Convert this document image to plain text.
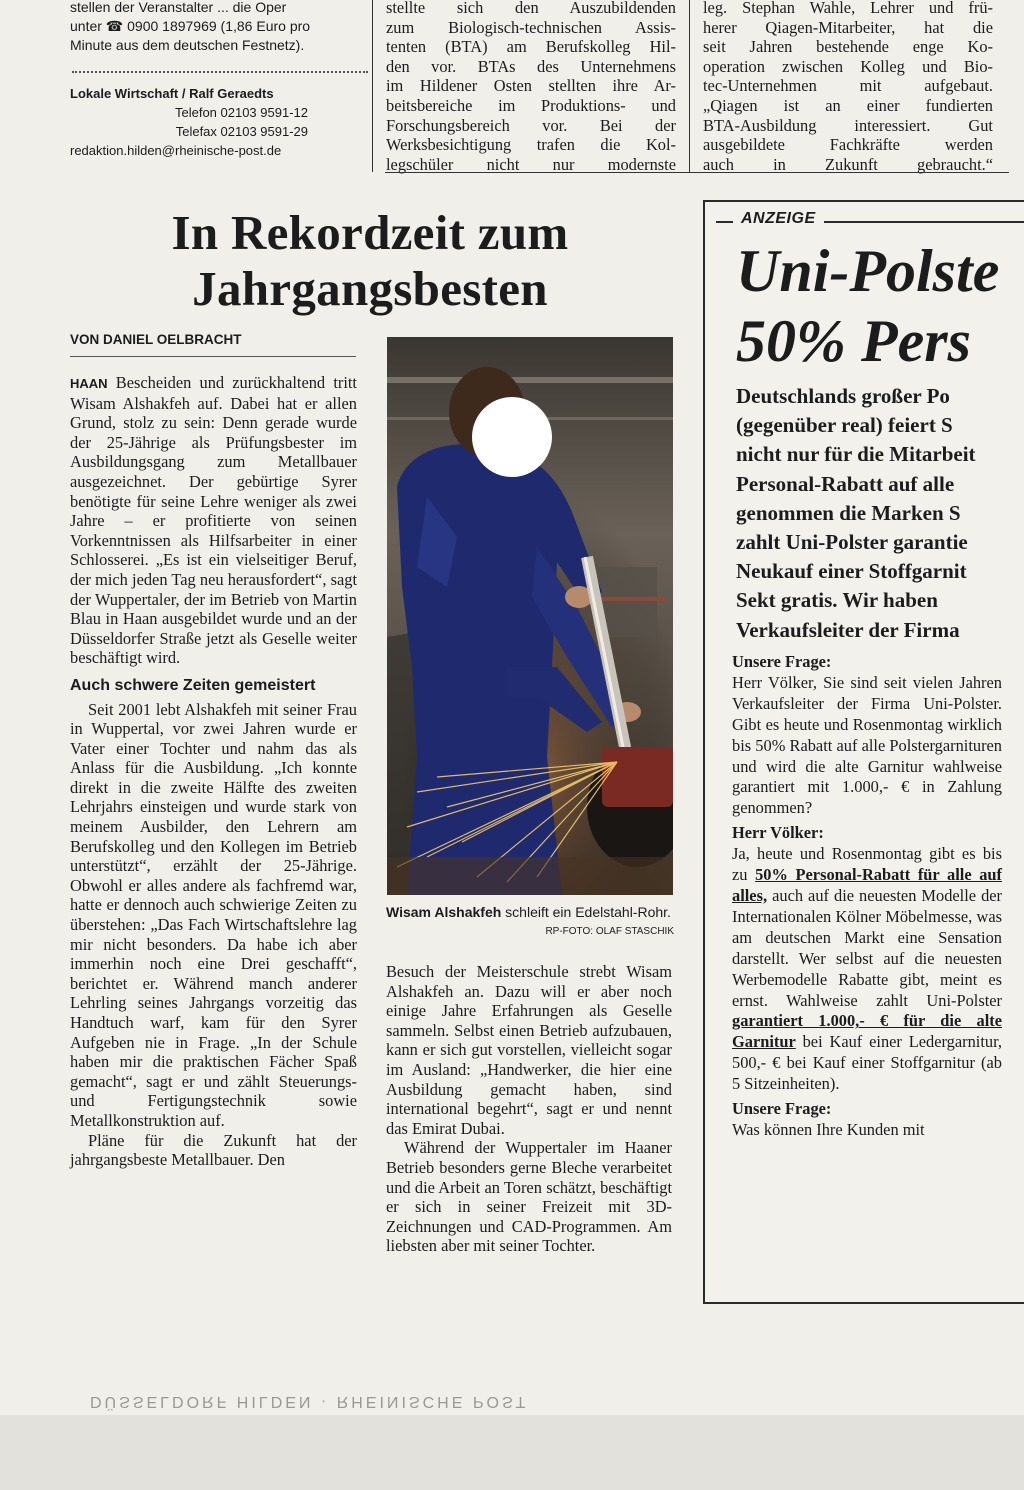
DÜSSELDORF HILDEN · RHEINISCHE POST

stellen der Veranstalter ... die Oper

unter ☎ 0900 1897969 (1,86 Euro pro

Minute aus dem deutschen Festnetz).

Lokale Wirtschaft / Ralf Geraedts
Telefon 02103 9591-12
Telefax 02103 9591-29
redaktion.hilden@rheinische-post.de
stellte sich den Auszubildenden
zum Biologisch-technischen Assis-
tenten (BTA) am Berufskolleg Hil-
den vor. BTAs des Unternehmens
im Hildener Osten stellten ihre Ar-
beitsbereiche im Produktions- und
Forschungsbereich vor. Bei der
Werksbesichtigung trafen die Kol-
legschüler nicht nur modernste
leg. Stephan Wahle, Lehrer und frü-
herer Qiagen-Mitarbeiter, hat die
seit Jahren bestehende enge Ko-
operation zwischen Kolleg und Bio-
tec-Unternehmen mit aufgebaut.
„Qiagen ist an einer fundierten
BTA-Ausbildung interessiert. Gut
ausgebildete Fachkräfte werden
auch in Zukunft gebraucht.“
In Rekordzeit zum
Jahrgangsbesten
VON DANIEL OELBRACHT

HAAN Bescheiden und zurückhaltend tritt Wisam Alshakfeh auf. Dabei hat er allen Grund, stolz zu sein: Denn gerade wurde der 25-Jährige als Prüfungsbester im Ausbildungsgang zum Metallbauer ausgezeichnet. Der gebürtige Syrer benötigte für seine Lehre weniger als zwei Jahre – er profitierte von seinen Vorkenntnissen als Hilfsarbeiter in einer Schlosserei. „Es ist ein vielseitiger Beruf, der mich jeden Tag neu herausfordert“, sagt der Wuppertaler, der im Betrieb von Martin Blau in Haan ausgebildet wurde und an der Düsseldorfer Straße jetzt als Geselle weiter beschäftigt wird.

Auch schwere Zeiten gemeistert

Seit 2001 lebt Alshakfeh mit seiner Frau in Wuppertal, vor zwei Jahren wurde er Vater einer Tochter und nahm das als Anlass für die Ausbildung. „Ich konnte direkt in die zweite Hälfte des zweiten Lehrjahrs einsteigen und wurde stark von meinem Ausbilder, den Lehrern am Berufskolleg und den Kollegen im Betrieb unterstützt“, erzählt der 25-Jährige. Obwohl er alles andere als fachfremd war, hatte er dennoch auch schwierige Zeiten zu überstehen: „Das Fach Wirtschaftslehre lag mir nicht besonders. Da habe ich aber immerhin noch eine Drei geschafft“, berichtet er. Während manch anderer Lehrling seines Jahrgangs vorzeitig das Handtuch warf, kam für den Syrer Aufgeben nie in Frage. „In der Schule haben mir die praktischen Fächer Spaß gemacht“, sagt er und zählt Steuerungs- und Fertigungstechnik sowie Metallkonstruktion auf.

Pläne für die Zukunft hat der jahrgangsbeste Metallbauer. Den

Wisam Alshakfeh schleift ein Edelstahl-Rohr.
RP-FOTO: OLAF STASCHIK

Besuch der Meisterschule strebt Wisam Alshakfeh an. Dazu will er aber noch einige Jahre Erfahrungen als Geselle sammeln. Selbst einen Betrieb aufzubauen, kann er sich gut vorstellen, vielleicht sogar im Ausland: „Handwerker, die hier eine Ausbildung gemacht haben, sind international begehrt“, sagt er und nennt das Emirat Dubai.

Während der Wuppertaler im Haaner Betrieb besonders gerne Bleche verarbeitet und die Arbeit an Toren schätzt, beschäftigt er sich in seiner Freizeit mit 3D-Zeichnungen und CAD-Programmen. Am liebsten aber mit seiner Tochter.

ANZEIGE
Uni-Polste
50% Pers
Deutschlands großer Po
(gegenüber real) feiert S
nicht nur für die Mitarbeit
Personal-Rabatt auf alle
genommen die Marken S
zahlt Uni-Polster garantie
Neukauf einer Stoffgarnit
Sekt gratis. Wir haben
Verkaufsleiter der Firma

Unsere Frage:

Herr Völker, Sie sind seit vielen Jahren Verkaufsleiter der Firma Uni-Polster. Gibt es heute und Rosenmontag wirklich bis 50% Rabatt auf alle Polstergarnituren und wird die alte Garnitur wahlweise garantiert mit 1.000,- € in Zahlung genommen?

Herr Völker:

Ja, heute und Rosenmontag gibt es bis zu 50% Personal-Rabatt für alle auf alles, auch auf die neuesten Modelle der Internationalen Kölner Möbelmesse, was am deutschen Markt eine Sensation darstellt. Wer selbst auf die neuesten Werbemodelle Rabatte gibt, meint es ernst. Wahlweise zahlt Uni-Polster garantiert 1.000,- € für die alte Garnitur bei Kauf einer Ledergarnitur, 500,- € bei Kauf einer Stoffgarnitur (ab 5 Sitzeinheiten).

Unsere Frage:

Was können Ihre Kunden mit
